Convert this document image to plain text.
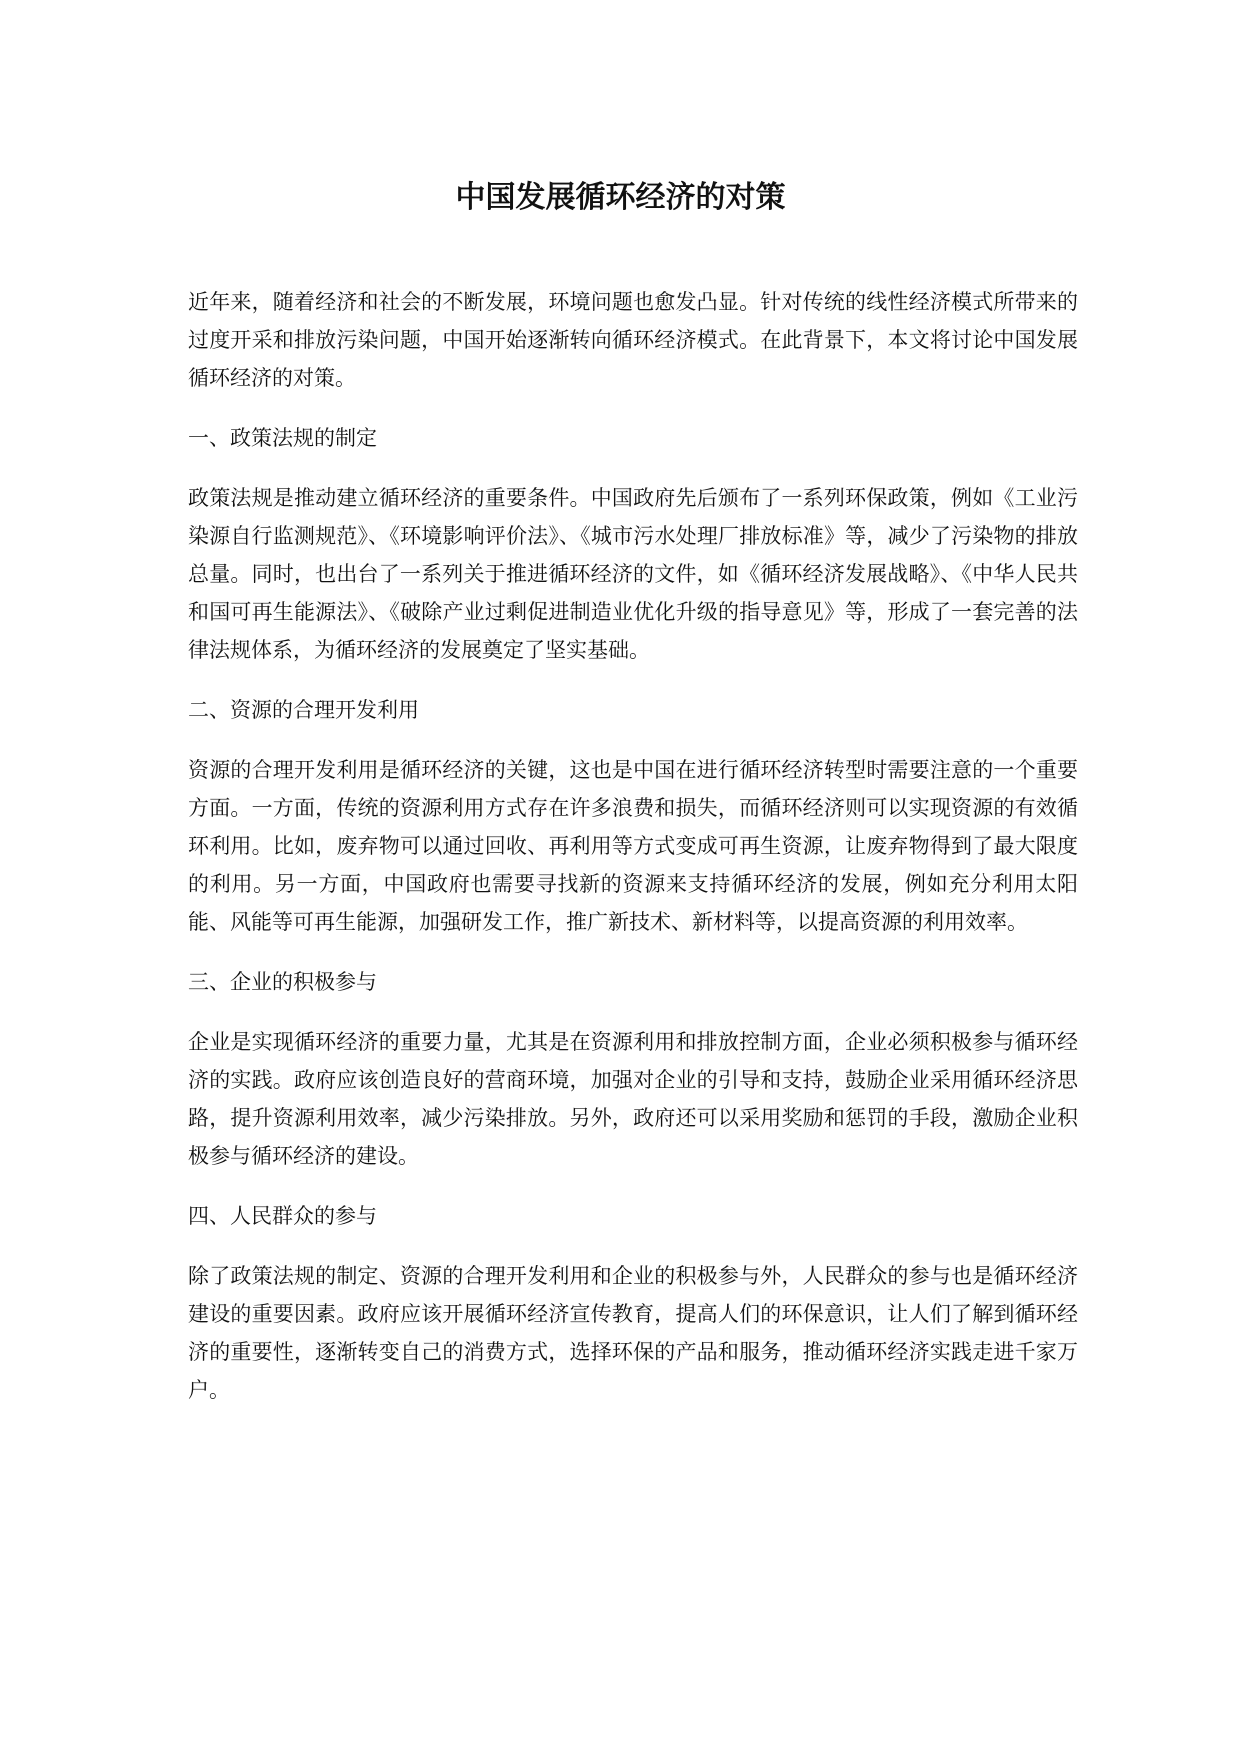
中国发展循环经济的对策

近年来，随着经济和社会的不断发展，环境问题也愈发凸显。针对传统的线性经济模式所带来的过度开采和排放污染问题，中国开始逐渐转向循环经济模式。在此背景下，本文将讨论中国发展循环经济的对策。

一、政策法规的制定

政策法规是推动建立循环经济的重要条件。中国政府先后颁布了一系列环保政策，例如《工业污染源自行监测规范》、《环境影响评价法》、《城市污水处理厂排放标准》等，减少了污染物的排放总量。同时，也出台了一系列关于推进循环经济的文件，如《循环经济发展战略》、《中华人民共和国可再生能源法》、《破除产业过剩促进制造业优化升级的指导意见》等，形成了一套完善的法律法规体系，为循环经济的发展奠定了坚实基础。

二、资源的合理开发利用

资源的合理开发利用是循环经济的关键，这也是中国在进行循环经济转型时需要注意的一个重要方面。一方面，传统的资源利用方式存在许多浪费和损失，而循环经济则可以实现资源的有效循环利用。比如，废弃物可以通过回收、再利用等方式变成可再生资源，让废弃物得到了最大限度的利用。另一方面，中国政府也需要寻找新的资源来支持循环经济的发展，例如充分利用太阳能、风能等可再生能源，加强研发工作，推广新技术、新材料等，以提高资源的利用效率。

三、企业的积极参与

企业是实现循环经济的重要力量，尤其是在资源利用和排放控制方面，企业必须积极参与循环经济的实践。政府应该创造良好的营商环境，加强对企业的引导和支持，鼓励企业采用循环经济思路，提升资源利用效率，减少污染排放。另外，政府还可以采用奖励和惩罚的手段，激励企业积极参与循环经济的建设。

四、人民群众的参与

除了政策法规的制定、资源的合理开发利用和企业的积极参与外，人民群众的参与也是循环经济建设的重要因素。政府应该开展循环经济宣传教育，提高人们的环保意识，让人们了解到循环经济的重要性，逐渐转变自己的消费方式，选择环保的产品和服务，推动循环经济实践走进千家万户。
